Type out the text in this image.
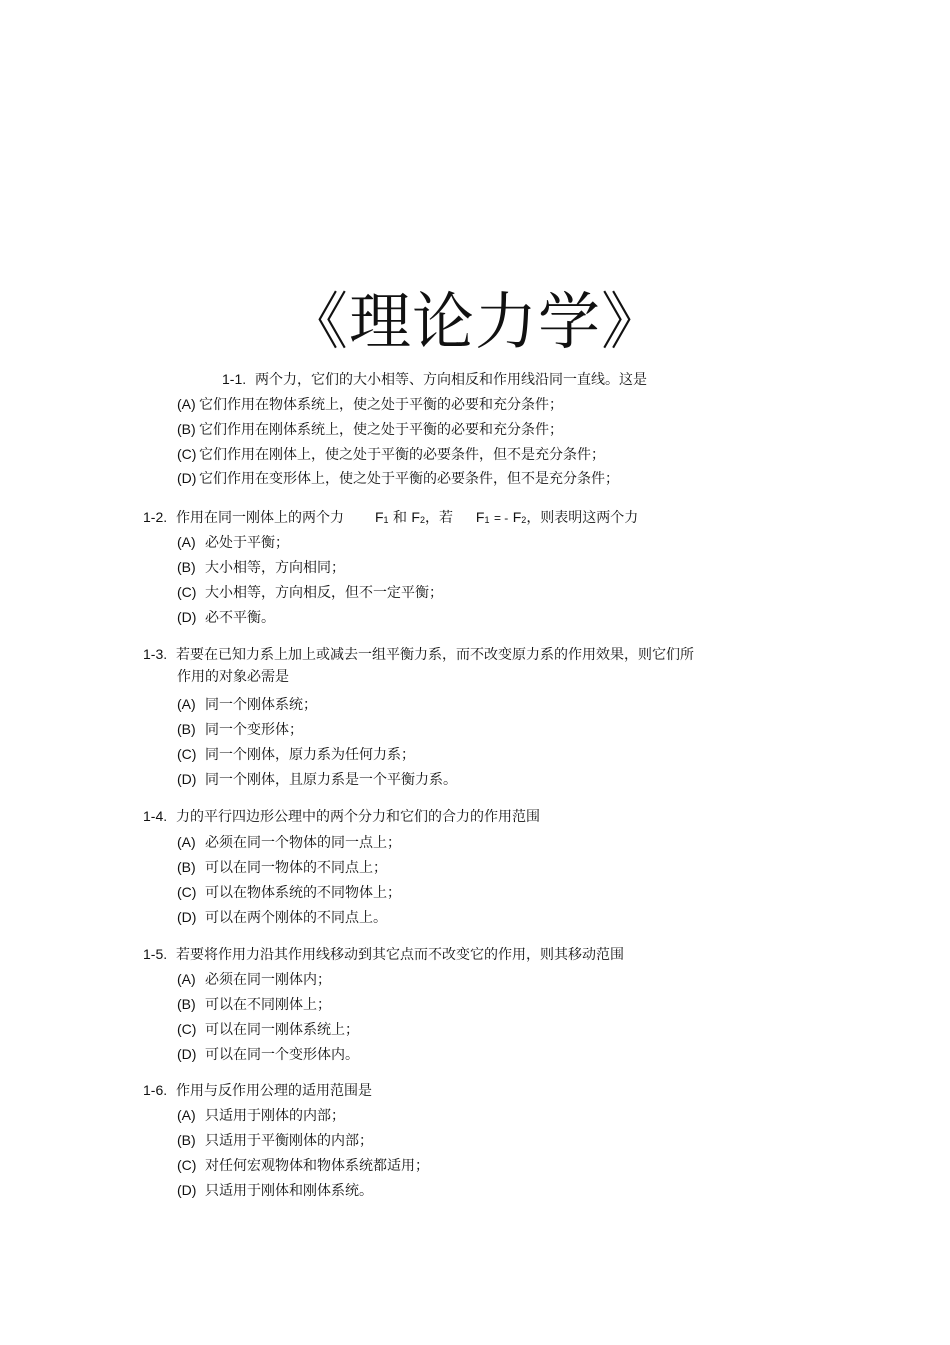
《理论力学》
1-1. 两个力，它们的大小相等、方向相反和作用线沿同一直线。这是
(A) 它们作用在物体系统上，使之处于平衡的必要和充分条件；
(B) 它们作用在刚体系统上，使之处于平衡的必要和充分条件；
(C) 它们作用在刚体上，使之处于平衡的必要条件，但不是充分条件；
(D) 它们作用在变形体上，使之处于平衡的必要条件，但不是充分条件；
1-2. 作用在同一刚体上的两个力 F1 和 F2，若 F1 = - F2，则表明这两个力
(A) 必处于平衡；
(B) 大小相等，方向相同；
(C) 大小相等，方向相反，但不一定平衡；
(D) 必不平衡。
1-3. 若要在已知力系上加上或减去一组平衡力系，而不改变原力系的作用效果，则它们所
作用的对象必需是
(A) 同一个刚体系统；
(B) 同一个变形体；
(C) 同一个刚体，原力系为任何力系；
(D) 同一个刚体，且原力系是一个平衡力系。
1-4. 力的平行四边形公理中的两个分力和它们的合力的作用范围
(A) 必须在同一个物体的同一点上；
(B) 可以在同一物体的不同点上；
(C) 可以在物体系统的不同物体上；
(D) 可以在两个刚体的不同点上。
1-5. 若要将作用力沿其作用线移动到其它点而不改变它的作用，则其移动范围
(A) 必须在同一刚体内；
(B) 可以在不同刚体上；
(C) 可以在同一刚体系统上；
(D) 可以在同一个变形体内。
1-6. 作用与反作用公理的适用范围是
(A) 只适用于刚体的内部；
(B) 只适用于平衡刚体的内部；
(C) 对任何宏观物体和物体系统都适用；
(D) 只适用于刚体和刚体系统。
